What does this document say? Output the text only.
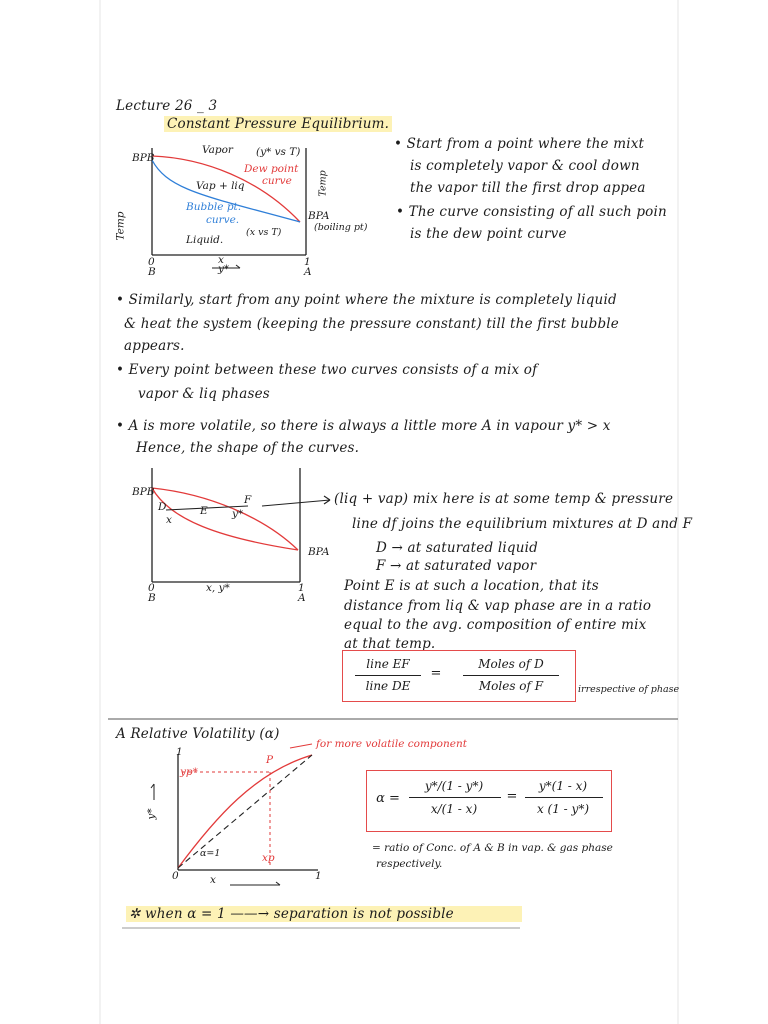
Lecture 26 _ 3
Constant Pressure Equilibrium.
BPB
Vapor (y* vs T)
Dew point
curve
Vap + liq
Bubble pt.
curve.
(x vs T)
Liquid.
BPA
(boiling pt)
Temp
Temp
0
B
1
A
x
y*
• Start from a point where the mixt
is completely vapor & cool down
the vapor till the first drop appea
• The curve consisting of all such poin
is the dew point curve
• Similarly, start from any point where the mixture is completely liquid
& heat the system (keeping the pressure constant) till the first bubble
appears.
• Every point between these two curves consists of a mix of
vapor & liq phases
• A is more volatile, so there is always a little more A in vapour y* > x
Hence, the shape of the curves.
BPB
D
x
E y*
F
BPA
0
B
1
A
x, y*
(liq + vap) mix here is at some temp & pressure
line df joins the equilibrium mixtures at D and F
D → at saturated liquid
F → at saturated vapor
Point E is at such a location, that its
distance from liq & vap phase are in a ratio
equal to the avg. composition of entire mix
at that temp.
line EF
line DE
=
Moles of D
Moles of F	irrespective of phase
A Relative Volatility (α)
for more volatile component
1
y*
yp*
P
α=1	xp
0	x	1
α =
y*/(1 - y*)
x/(1 - x)
=
y*(1 - x)
x (1 - y*)
= ratio of Conc. of A & B in vap. & gas phase
respectively.
✲ when α = 1 ——→ separation is not possible
